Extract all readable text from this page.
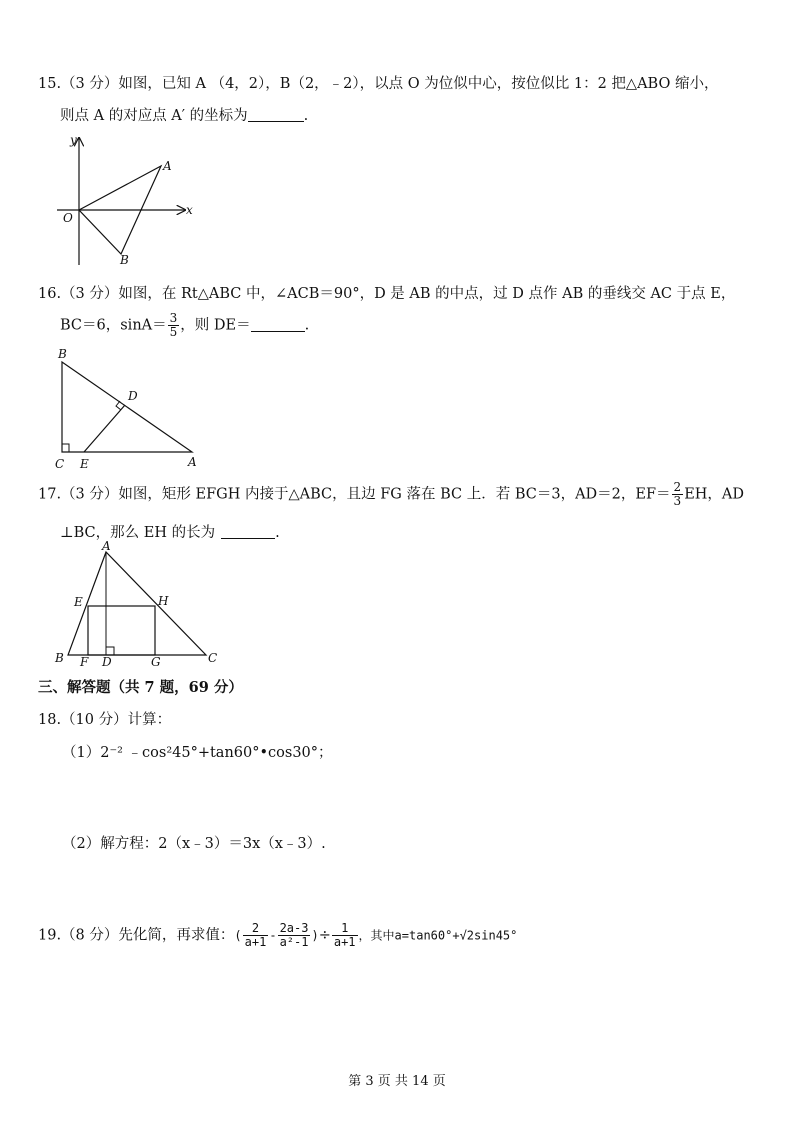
15.（3 分）如图，已知 A （4，2），B（2，﹣2），以点 O 为位似中心，按位似比 1：2 把△ABO 缩小，
则点 A 的对应点 A′ 的坐标为	.
y
x
O
A
B
16.（3 分）如图，在 Rt△ABC 中，∠ACB＝90°，D 是 AB 的中点，过 D 点作 AB 的垂线交 AC 于点 E，
BC＝6，$\sin A= \frac{3}{5}$ ，则 DE＝	.
B
D
C E	A
17.（3 分）如图，矩形 EFGH 内接于△ABC，且边 FG 落在 BC 上．若 BC＝3，AD＝2，$EF= \frac{2}{3}$ EH，AD
⊥BC，那么 EH 的长为	.
A
E	H
B F D	G	C
三、解答题（共 7 题，69 分）
18.（10 分）计算：
（1）2⁻² ﹣cos²45°+tan60°•cos30°；
（2）解方程：2（x﹣3）＝3x（x﹣3）.
19.（8 分）先化简，再求值：( $\frac{2}{a+1} - \frac{2a-3}{\text{a²-1}}$ )÷ $\frac{1}{a+1}$ ，其中a=tan60°+√2sin45°
第 3 页 共 14 页
